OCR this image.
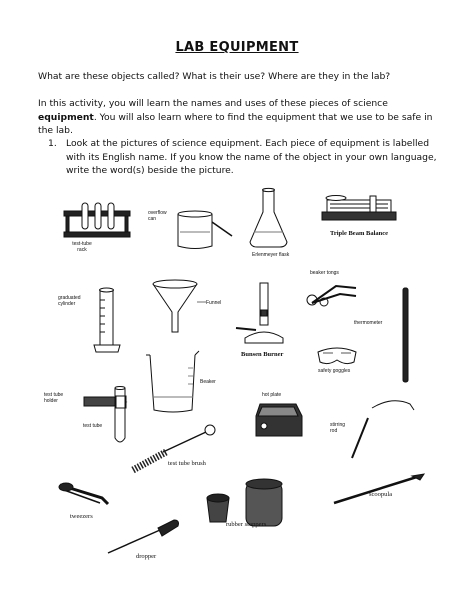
LAB EQUIPMENT
What are these objects called? What is their use? Where are they in the lab?
In this activity, you will learn the names and uses of these pieces of science equipment. You will also learn where to find the equipment that we use to be safe in the lab.
1. Look at the pictures of science equipment. Each piece of equipment is labelled with its English name. If you know the name of the object in your own language, write the word(s) beside the picture.
test-tube rack
overflow can
Erlenmeyer flask
Triple Beam Balance
beaker tongs
graduated cylinder	Funnel
thermometer
Bunsen Burner
safety goggles
Beaker
test tube holder
hot plate
test tube	stirring rod
test tube brush
tweezers
rubber stoppers
scoopula
dropper
